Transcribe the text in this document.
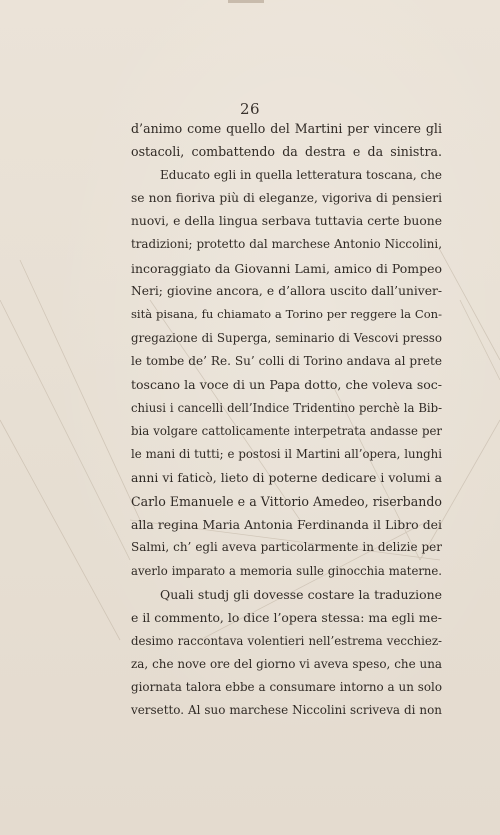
26
d’animo come quello del Martini per vincere gli
ostacoli, combattendo da destra e da sinistra.
Educato egli in quella letteratura toscana, che
se non fioriva più di eleganze, vigoriva di pensieri
nuovi, e della lingua serbava tuttavia certe buone
tradizioni; protetto dal marchese Antonio Niccolini,
incoraggiato da Giovanni Lami, amico di Pompeo
Neri; giovine ancora, e d’allora uscito dall’univer-
sità pisana, fu chiamato a Torino per reggere la Con-
gregazione di Superga, seminario di Vescovi presso
le tombe de’ Re. Su’ colli di Torino andava al prete
toscano la voce di un Papa dotto, che voleva soc-
chiusi i cancelli dell’Indice Tridentino perchè la Bib-
bia volgare cattolicamente interpetrata andasse per
le mani di tutti; e postosi il Martini all’opera, lunghi
anni vi faticò, lieto di poterne dedicare i volumi a
Carlo Emanuele e a Vittorio Amedeo, riserbando
alla regina Maria Antonia Ferdinanda il Libro dei
Salmi, ch’ egli aveva particolarmente in delizie per
averlo imparato a memoria sulle ginocchia materne.
Quali studj gli dovesse costare la traduzione
e il commento, lo dice l’opera stessa: ma egli me-
desimo raccontava volentieri nell’estrema vecchiez-
za, che nove ore del giorno vi aveva speso, che una
giornata talora ebbe a consumare intorno a un solo
versetto. Al suo marchese Niccolini scriveva di non
